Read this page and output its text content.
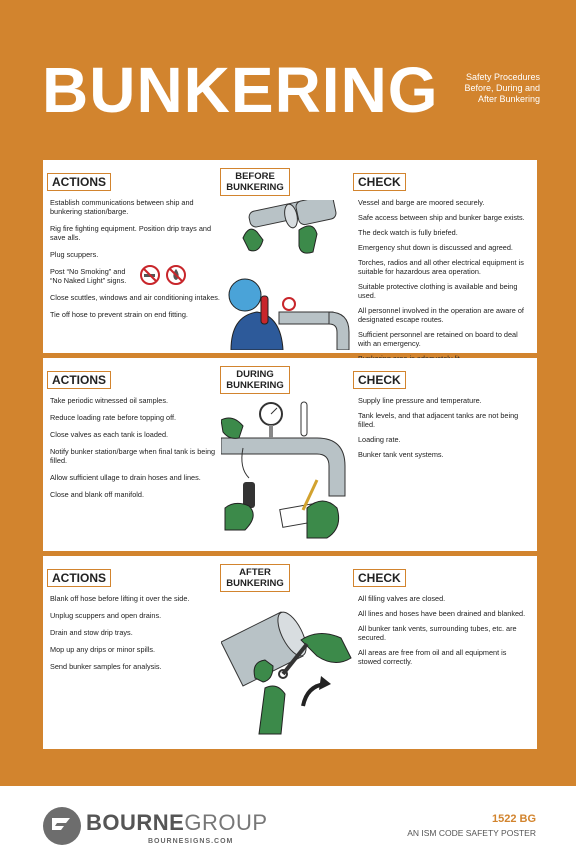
BUNKERING	Safety Procedures Before, During and After Bunkering
ACTIONS	BEFORE BUNKERING	CHECK
Establish communications between ship and bunkering station/barge.
Rig fire fighting equipment. Position drip trays and save alls.
Plug scuppers.
Post “No Smoking” and
“No Naked Light” signs.
Close scuttles, windows and air conditioning intakes.
Tie off hose to prevent strain on end fitting.
Vessel and barge are moored securely.
Safe access between ship and bunker barge exists.
The deck watch is fully briefed.
Emergency shut down is discussed and agreed.
Torches, radios and all other electrical equipment is suitable for hazardous area operation.
Suitable protective clothing is available and being used.
All personnel involved in the operation are aware of designated escape routes.
Sufficient personnel are retained on board to deal with an emergency.
ACTIONS	DURING BUNKERING	CHECK
Take periodic witnessed oil samples.
Reduce loading rate before topping off.
Close valves as each tank is loaded.
Notify bunker station/barge when final tank is being filled.
Allow sufficient ullage to drain hoses and lines.
Close and blank off manifold.
Supply line pressure and temperature.
Tank levels, and that adjacent tanks are not being filled.
Loading rate.
Bunker tank vent systems.
ACTIONS	AFTER BUNKERING	CHECK
Blank off hose before lifting it over the side.
Unplug scuppers and open drains.
Drain and stow drip trays.
Mop up any drips or minor spills.
Send bunker samples for analysis.
All filling valves are closed.
All lines and hoses have been drained and blanked.
All bunker tank vents, surrounding tubes, etc. are secured.
All areas are free from oil and all equipment is stowed correctly.
BOURNEGROUP
BOURNESIGNS.COM
1522 BG
AN ISM CODE SAFETY POSTER
